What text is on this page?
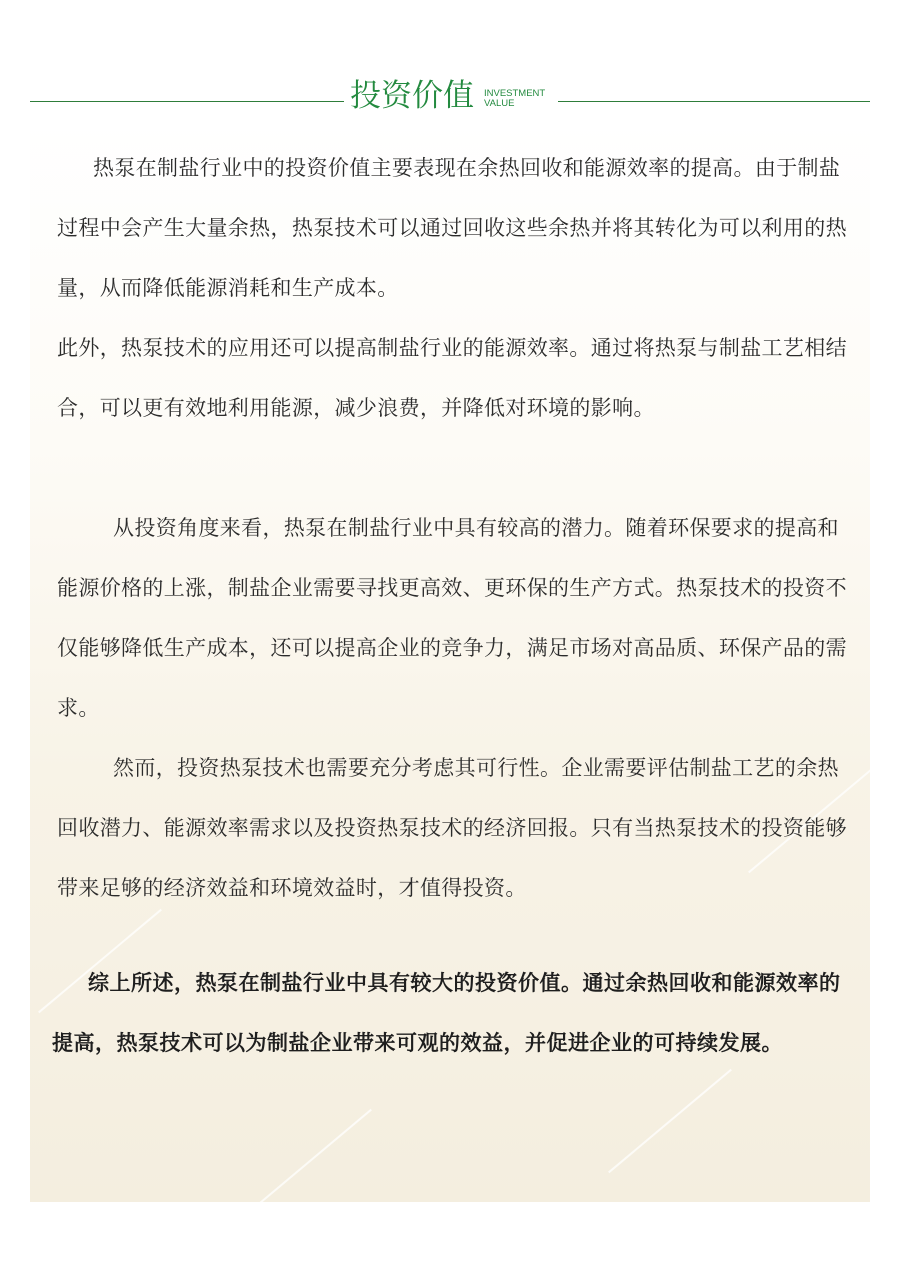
投资价值 INVESTMENT
VALUE

热泵在制盐行业中的投资价值主要表现在余热回收和能源效率的提高。由于制盐过程中会产生大量余热，热泵技术可以通过回收这些余热并将其转化为可以利用的热量，从而降低能源消耗和生产成本。

此外，热泵技术的应用还可以提高制盐行业的能源效率。通过将热泵与制盐工艺相结合，可以更有效地利用能源，减少浪费，并降低对环境的影响。

从投资角度来看，热泵在制盐行业中具有较高的潜力。随着环保要求的提高和能源价格的上涨，制盐企业需要寻找更高效、更环保的生产方式。热泵技术的投资不仅能够降低生产成本，还可以提高企业的竞争力，满足市场对高品质、环保产品的需求。

然而，投资热泵技术也需要充分考虑其可行性。企业需要评估制盐工艺的余热回收潜力、能源效率需求以及投资热泵技术的经济回报。只有当热泵技术的投资能够带来足够的经济效益和环境效益时，才值得投资。

综上所述，热泵在制盐行业中具有较大的投资价值。通过余热回收和能源效率的提高，热泵技术可以为制盐企业带来可观的效益，并促进企业的可持续发展。
